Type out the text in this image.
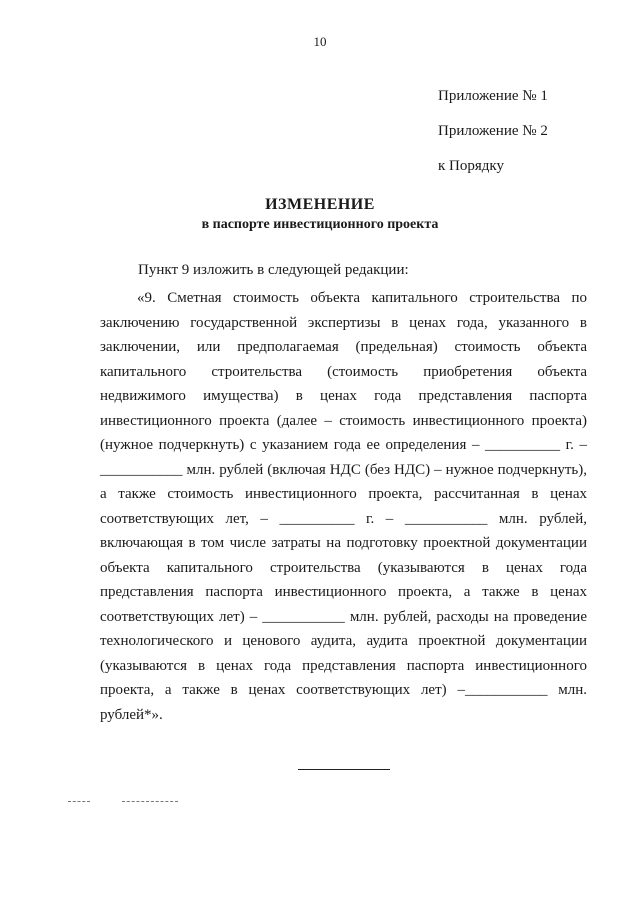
10
Приложение № 1
Приложение № 2
к Порядку
ИЗМЕНЕНИЕ
в паспорте инвестиционного проекта
Пункт 9 изложить в следующей редакции:

«9. Сметная стоимость объекта капитального строительства по заключению государственной экспертизы в ценах года, указанного в заключении, или предполагаемая (предельная) стоимость объекта капитального строительства (стоимость приобретения объекта недвижимого имущества) в ценах года представления паспорта инвестиционного проекта (далее – стоимость инвестиционного проекта) (нужное подчеркнуть) с указанием года ее определения – __________ г. – ___________ млн. рублей (включая НДС (без НДС) – нужное подчеркнуть), а также стоимость инвестиционного проекта, рассчитанная в ценах соответствующих лет, – __________ г. – ___________ млн. рублей, включающая в том числе затраты на подготовку проектной документации объекта капитального строительства (указываются в ценах года представления паспорта инвестиционного проекта, а также в ценах соответствующих лет) – ___________ млн. рублей, расходы на проведение технологического и ценового аудита, аудита проектной документации (указываются в ценах года представления паспорта инвестиционного проекта, а также в ценах соответствующих лет) –___________ млн. рублей*».
